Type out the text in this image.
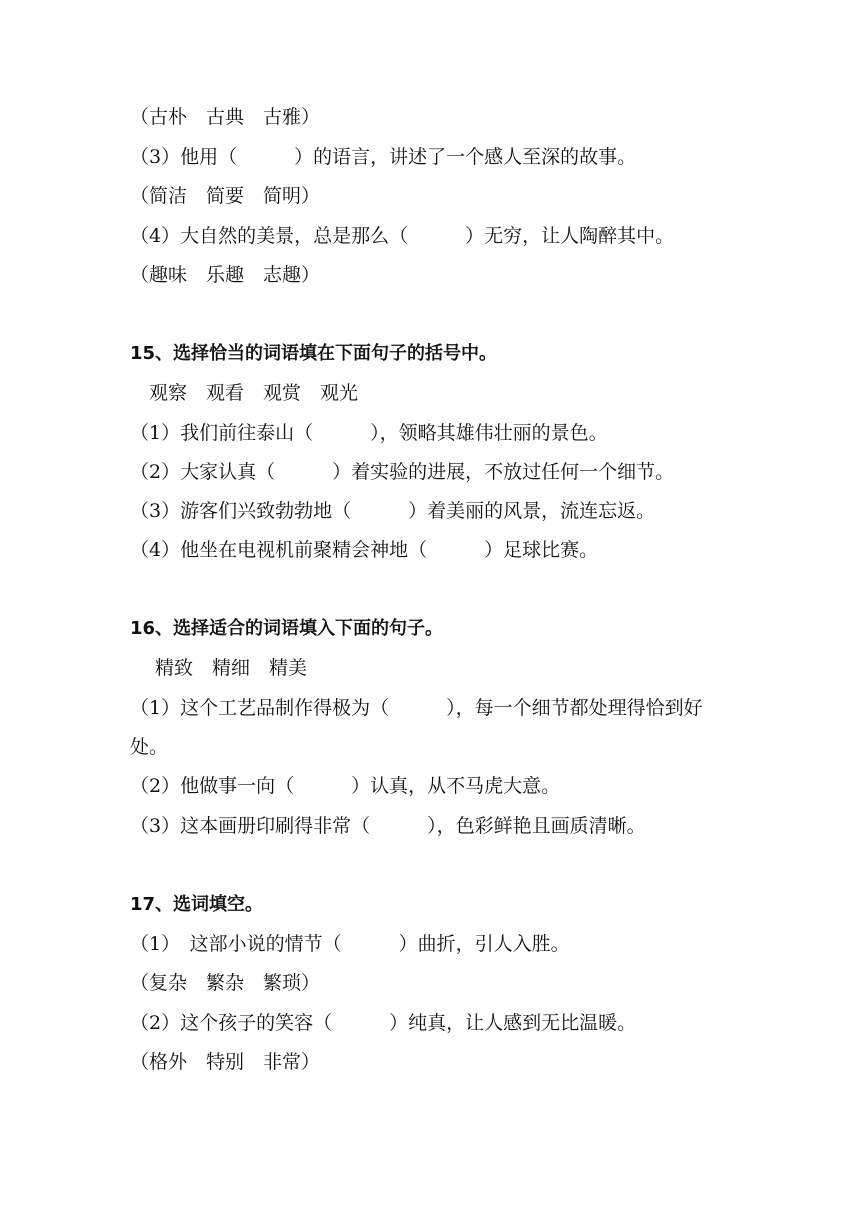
（古朴　古典　古雅）
（3）他用（　　　）的语言，讲述了一个感人至深的故事。
（简洁　简要　简明）
（4）大自然的美景，总是那么（　　　）无穷，让人陶醉其中。
（趣味　乐趣　志趣）
15、选择恰当的词语填在下面句子的括号中。
　观察　观看　观赏　观光
（1）我们前往泰山（　　　），领略其雄伟壮丽的景色。
（2）大家认真（　　　）着实验的进展，不放过任何一个细节。
（3）游客们兴致勃勃地（　　　）着美丽的风景，流连忘返。
（4）他坐在电视机前聚精会神地（　　　）足球比赛。
16、选择适合的词语填入下面的句子。
　 精致　精细　精美
（1）这个工艺品制作得极为（　　　），每一个细节都处理得恰到好
处。
（2）他做事一向（　　　）认真，从不马虎大意。
（3）这本画册印刷得非常（　　　），色彩鲜艳且画质清晰。
17、选词填空。
（1）　这部小说的情节（　　　）曲折，引人入胜。
（复杂　繁杂　繁琐）
（2）这个孩子的笑容（　　　）纯真，让人感到无比温暖。
（格外　特别　非常）
